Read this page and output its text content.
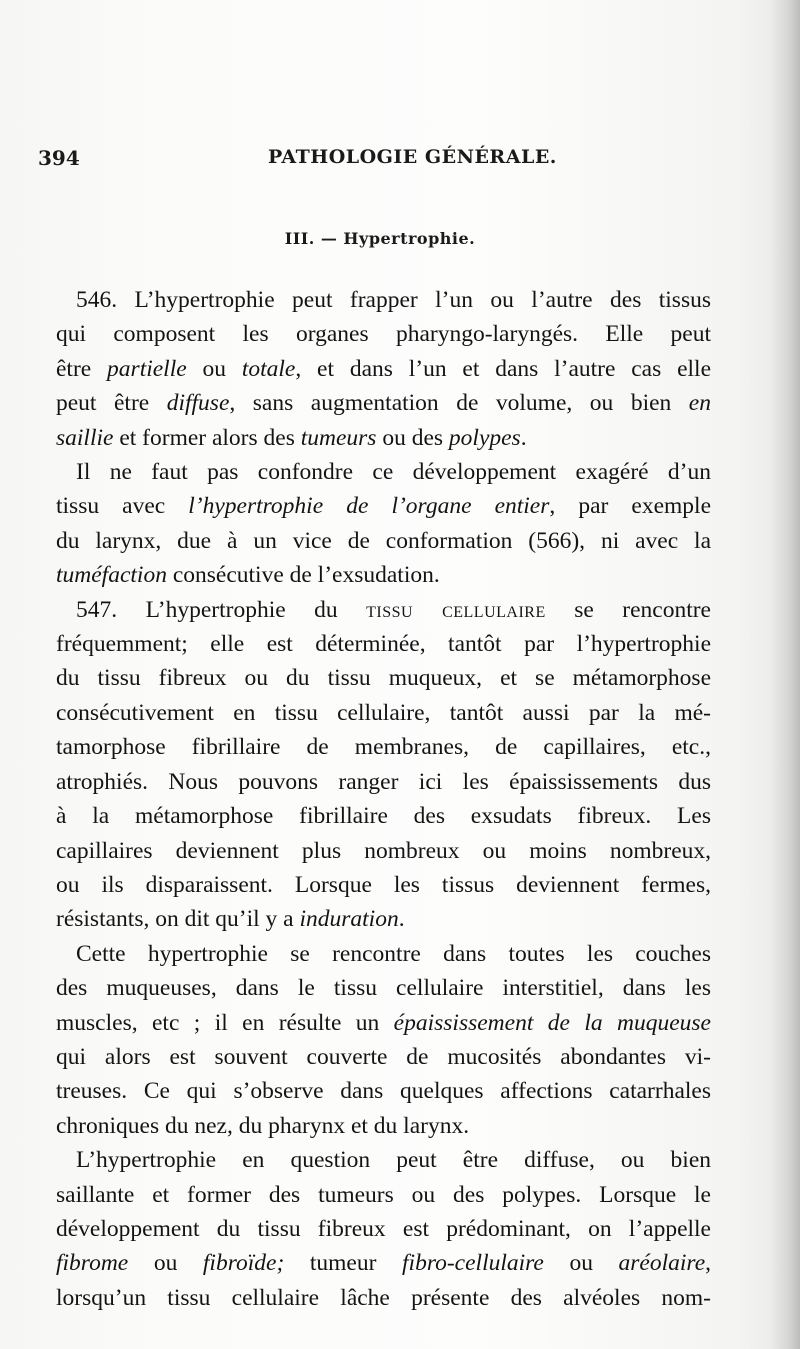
394	PATHOLOGIE GÉNÉRALE.
III. — Hypertrophie.
546. L’hypertrophie peut frapper l’un ou l’autre des tissus
qui composent les organes pharyngo-laryngés. Elle peut
être partielle ou totale, et dans l’un et dans l’autre cas elle
peut être diffuse, sans augmentation de volume, ou bien en
saillie et former alors des tumeurs ou des polypes.
Il ne faut pas confondre ce développement exagéré d’un
tissu avec l’hypertrophie de l’organe entier, par exemple
du larynx, due à un vice de conformation (566), ni avec la
tuméfaction consécutive de l’exsudation.
547. L’hypertrophie du tissu cellulaire se rencontre
fréquemment; elle est déterminée, tantôt par l’hypertrophie
du tissu fibreux ou du tissu muqueux, et se métamorphose
consécutivement en tissu cellulaire, tantôt aussi par la mé-
tamorphose fibrillaire de membranes, de capillaires, etc.,
atrophiés. Nous pouvons ranger ici les épaississements dus
à la métamorphose fibrillaire des exsudats fibreux. Les
capillaires deviennent plus nombreux ou moins nombreux,
ou ils disparaissent. Lorsque les tissus deviennent fermes,
résistants, on dit qu’il y a induration.
Cette hypertrophie se rencontre dans toutes les couches
des muqueuses, dans le tissu cellulaire interstitiel, dans les
muscles, etc ; il en résulte un épaississement de la muqueuse
qui alors est souvent couverte de mucosités abondantes vi-
treuses. Ce qui s’observe dans quelques affections catarrhales
chroniques du nez, du pharynx et du larynx.
L’hypertrophie en question peut être diffuse, ou bien
saillante et former des tumeurs ou des polypes. Lorsque le
développement du tissu fibreux est prédominant, on l’appelle
fibrome ou fibroïde; tumeur fibro-cellulaire ou aréolaire,
lorsqu’un tissu cellulaire lâche présente des alvéoles nom-
